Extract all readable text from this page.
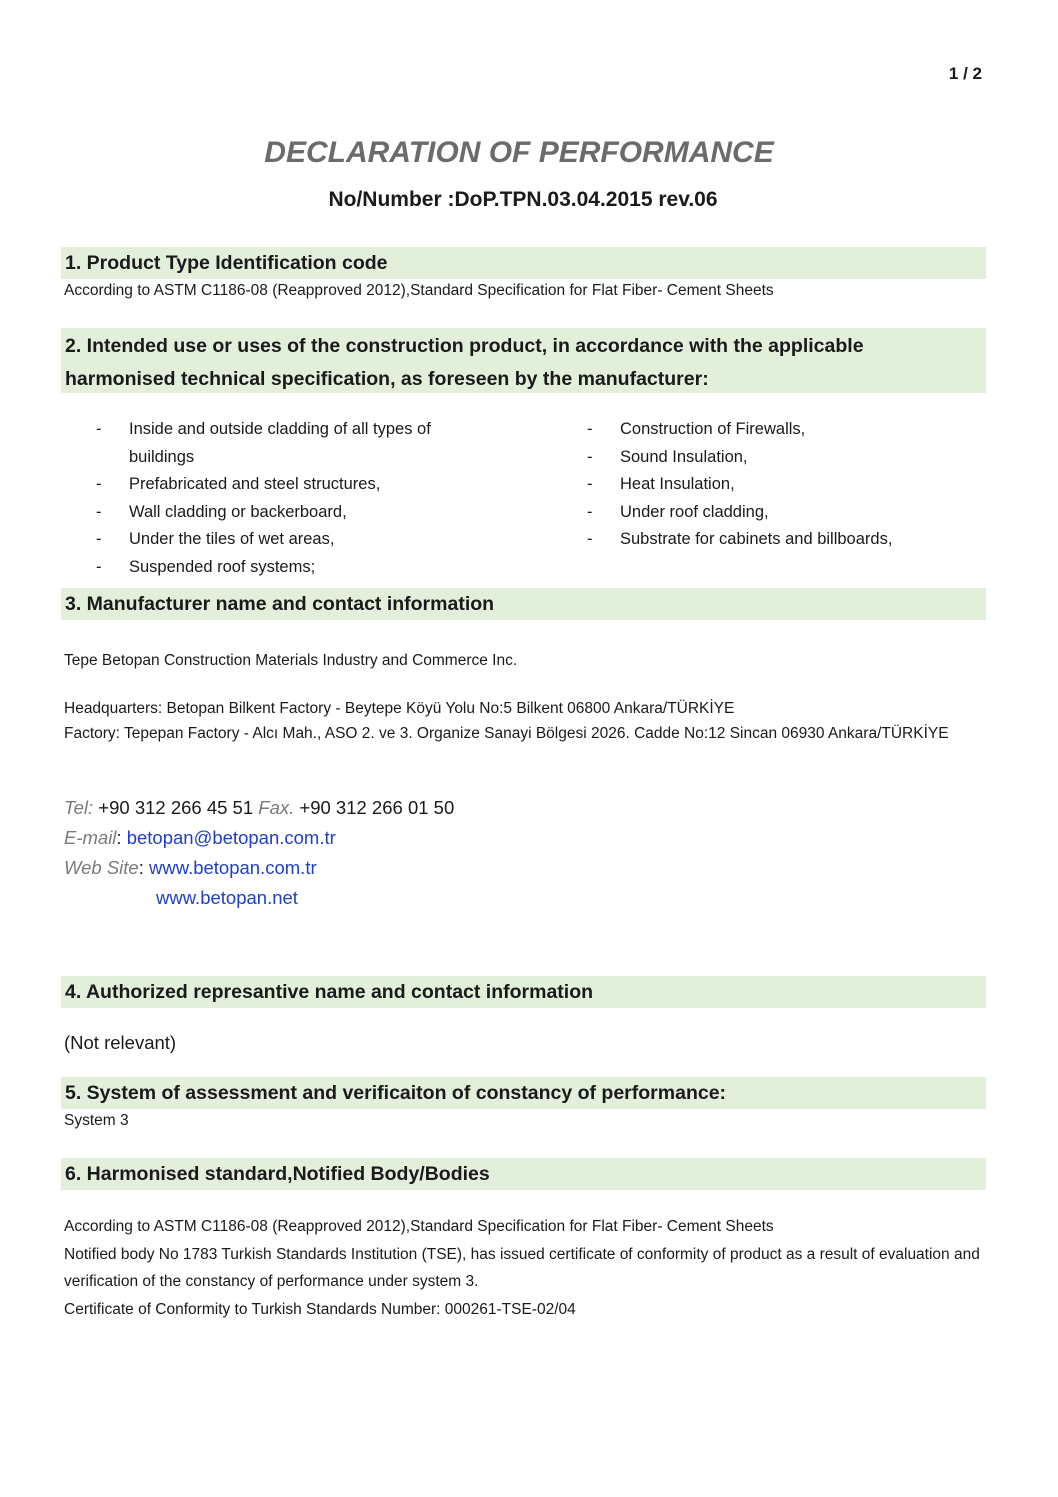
1 / 2
DECLARATION OF PERFORMANCE
No/Number :DoP.TPN.03.04.2015 rev.06
1. Product Type Identification code
According to ASTM C1186-08 (Reapproved 2012),Standard Specification for Flat Fiber- Cement Sheets
2. Intended use or uses of the construction product, in accordance with the applicable
harmonised technical specification, as foreseen by the manufacturer:
- Inside and outside cladding of all types of buildings
- Prefabricated and steel structures,
- Wall cladding or backerboard,
- Under the tiles of wet areas,
- Suspended roof systems;
- Construction of Firewalls,
- Sound Insulation,
- Heat Insulation,
- Under roof cladding,
- Substrate for cabinets and billboards,
3. Manufacturer name and contact information
Tepe Betopan Construction Materials Industry and Commerce Inc.
Headquarters: Betopan Bilkent Factory - Beytepe Köyü Yolu No:5 Bilkent 06800 Ankara/TÜRKİYE
Factory: Tepepan Factory - Alcı Mah., ASO 2. ve 3. Organize Sanayi Bölgesi 2026. Cadde No:12 Sincan 06930 Ankara/TÜRKİYE
Tel: +90 312 266 45 51 Fax. +90 312 266 01 50
E-mail: betopan@betopan.com.tr
Web Site: www.betopan.com.tr
www.betopan.net
4. Authorized represantive name and contact information
(Not relevant)
5. System of assessment and verificaiton of constancy of performance:
System 3
6. Harmonised standard,Notified Body/Bodies
According to ASTM C1186-08 (Reapproved 2012),Standard Specification for Flat Fiber- Cement Sheets
Notified body No 1783 Turkish Standards Institution (TSE), has issued certificate of conformity of product as a result of evaluation and verification of the constancy of performance under system 3.
Certificate of Conformity to Turkish Standards Number: 000261-TSE-02/04
